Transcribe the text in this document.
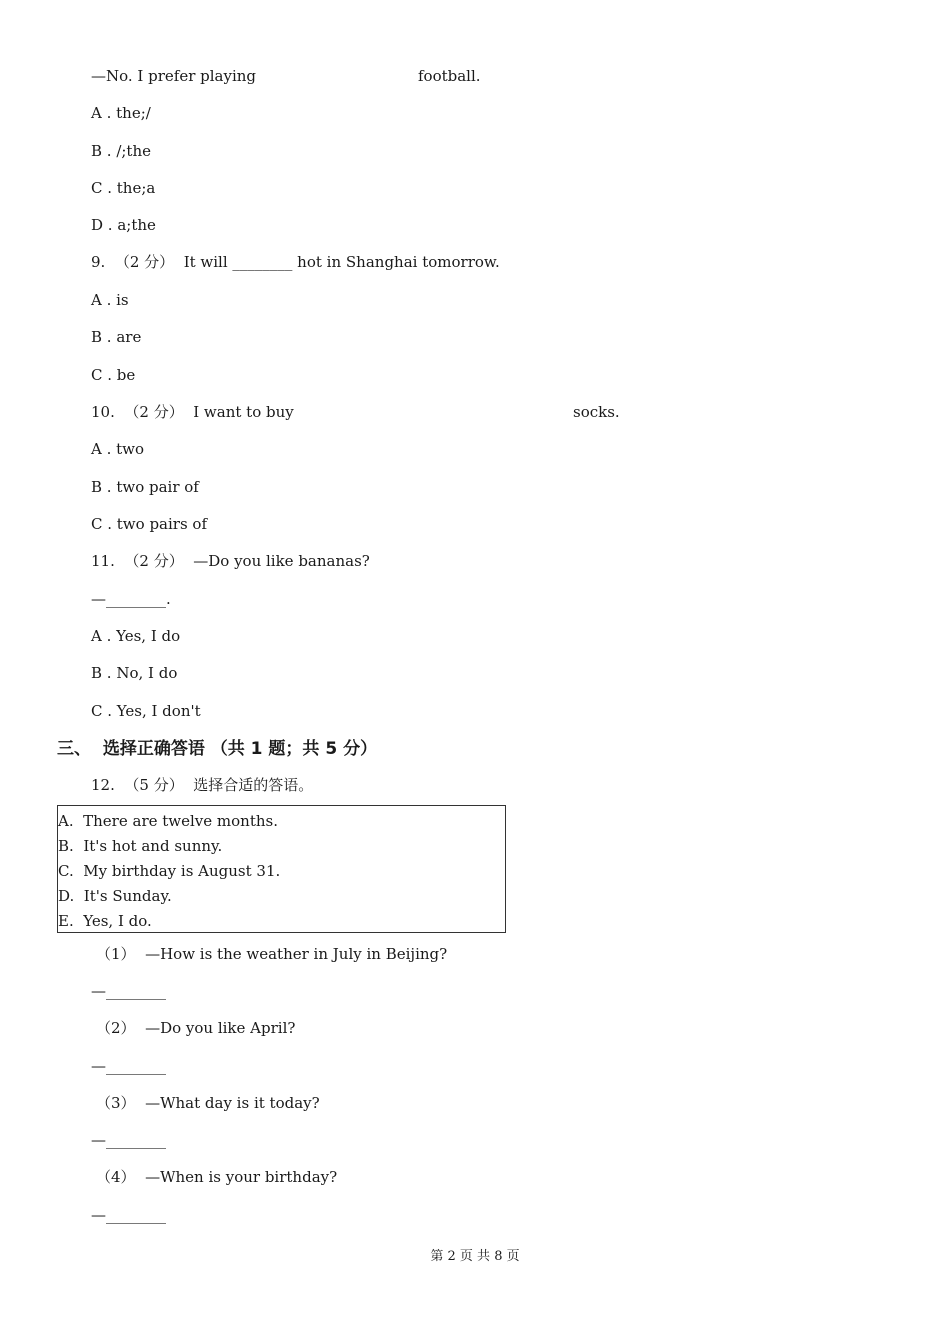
—No. I prefer playing	football.
A . the;/
B . /;the
C . the;a
D . a;the
9.  （2 分）  It will ________ hot in Shanghai tomorrow.
A . is
B . are
C . be
10.  （2 分）  I want to buy	socks.
A . two
B . two pair of
C . two pairs of
11.  （2 分）  —Do you like bananas?
—________.
A . Yes, I do
B . No, I do
C . Yes, I don't
三、  选择正确答语 （共 1 题；共 5 分）
12.  （5 分）  选择合适的答语。
A.  There are twelve months.
B.  It's hot and sunny.
C.  My birthday is August 31.
D.  It's Sunday.
E.  Yes, I do.
（1）  —How is the weather in July in Beijing?
—________
（2）  —Do you like April?
—________
（3）  —What day is it today?
—________
（4）  —When is your birthday?
—________
第 2 页 共 8 页
